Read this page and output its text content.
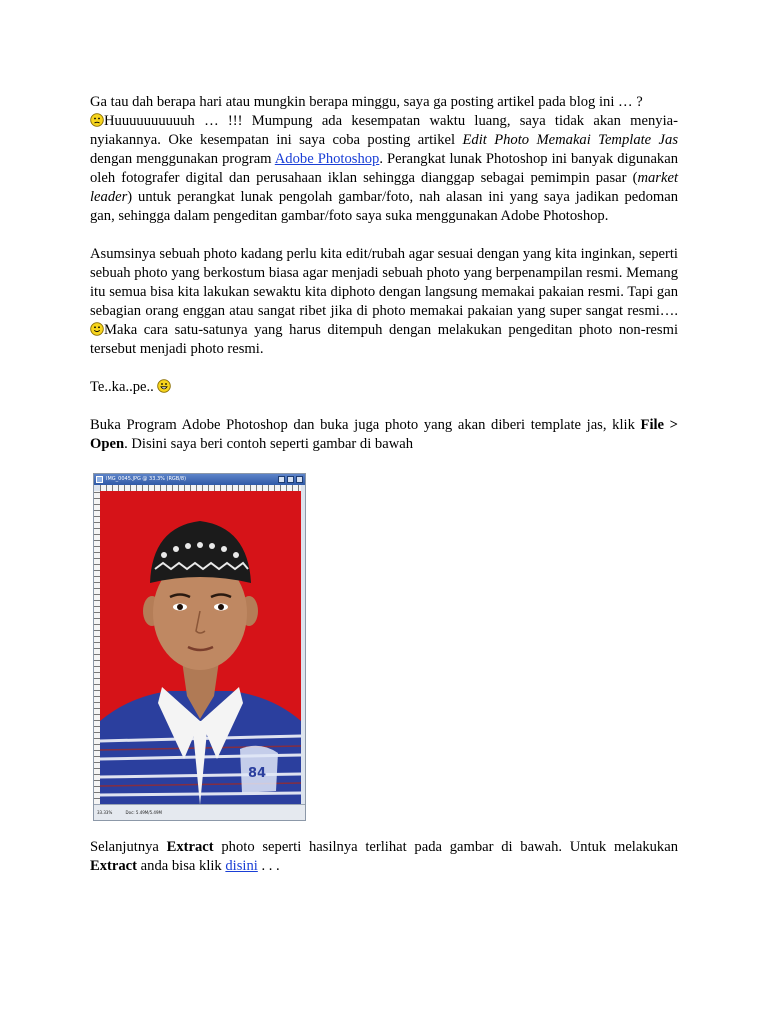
Ga tau dah berapa hari atau mungkin berapa minggu, saya ga posting artikel pada blog ini … ?

Huuuuuuuuuuh … !!! Mumpung ada kesempatan waktu luang, saya tidak akan menyia-nyiakannya. Oke kesempatan ini saya coba posting artikel Edit Photo Memakai Template Jas dengan menggunakan program Adobe Photoshop. Perangkat lunak Photoshop ini banyak digunakan oleh fotografer digital dan perusahaan iklan sehingga dianggap sebagai pemimpin pasar (market leader) untuk perangkat lunak pengolah gambar/foto, nah alasan ini yang saya jadikan pedoman gan, sehingga dalam pengeditan gambar/foto saya suka menggunakan Adobe Photoshop.

Asumsinya sebuah photo kadang perlu kita edit/rubah agar sesuai dengan yang kita inginkan, seperti sebuah photo yang berkostum biasa agar menjadi sebuah photo yang berpenampilan resmi. Memang itu semua bisa kita lakukan sewaktu kita diphoto dengan langsung memakai pakaian resmi. Tapi gan sebagian orang enggan atau sangat ribet jika di photo memakai pakaian yang super sangat resmi….
Maka cara satu-satunya yang harus ditempuh dengan melakukan pengeditan photo non-resmi tersebut menjadi photo resmi.

Te..ka..pe..

Buka Program Adobe Photoshop dan buka juga photo yang akan diberi template jas, klik File > Open. Disini saya beri contoh seperti gambar di bawah

IMG_0045.JPG @ 33.3% (RGB/8)
84
33.33%	Doc: 5.49M/5.49M

Selanjutnya Extract photo seperti hasilnya terlihat pada gambar di bawah. Untuk melakukan Extract anda bisa klik disini . . .
